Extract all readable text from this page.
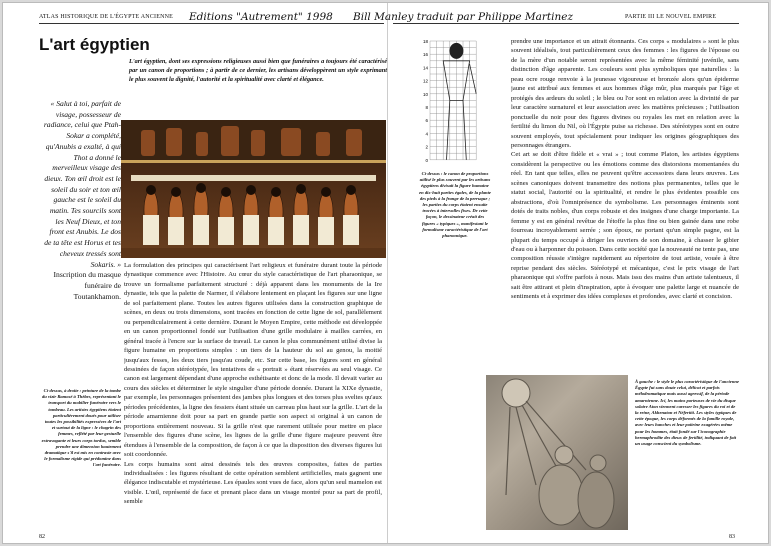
ATLAS HISTORIQUE DE L'ÉGYPTE ANCIENNE Editions "Autrement" 1998 Bill Manley traduit par Philippe Martinez	PARTIE III LE NOUVEL EMPIRE
L'art égyptien
L'art égyptien, dont ses expressions religieuses aussi bien que funéraires a toujours été caractérisé par un canon de proportions ; à partir de ce dernier, les artisans développèrent un style exprimant le plus souvent la dignité, l'autorité et la spiritualité avec clarté et élégance.
« Salut à toi, parfait de visage, possesseur de radiance, celui que Ptah-Sokar a complété, qu'Anubis a exalté, à qui Thot a donné le merveilleux visage des dieux. Ton œil droit est le soleil du soir et ton œil gauche est le soleil du matin. Tes sourcils sont les Neuf Dieux, et ton front est Anubis. Le dos de ta tête est Horus et tes cheveux tressés sont Sokaris. »
Inscription du masque funéraire de Toutankhamon.
Ci-dessus, à droite : peinture de la tombe du vizir Ramosé à Thèbes, représentant le transport du mobilier funéraire vers le tombeau. Les artistes égyptiens étaient particulièrement doués pour utiliser toutes les possibilités expressives de l'art et surtout de la ligne : le chagrin des femmes, reflété par leur gestuelle extravagante et leurs corps tordus, semble prendre une dimension hautement dramatique s'il est mis en contraste avec le formalisme rigide qui prédomine dans l'art funéraire.

La formulation des principes qui caractérisent l'art religieux et funéraire durant toute la période dynastique commence avec l'Histoire. Au cœur du style caractéristique de l'art pharaonique, se trouve un formalisme parfaitement structuré : déjà apparent dans les monuments de la Ire dynastie, tels que la palette de Narmer, il s'élabore lentement en plaçant les figures sur une ligne de sol parfaitement plane. Toutes les autres figures utilisées dans la construction graphique de scènes, en deux ou trois dimensions, sont tracées en fonction de cette ligne de sol, parallèlement ou perpendiculairement à cette dernière. Durant le Moyen Empire, cette méthode est développée en un canon proportionnel fondé sur l'utilisation d'une grille modulaire à mailles carrées, en général tracée à l'encre sur la surface de travail. Le canon le plus communément utilisé divise la figure humaine en proportions simples : un tiers de la hauteur du sol au genou, la moitié jusqu'aux fesses, les deux tiers jusqu'au coude, etc. Sur cette base, les figures sont en général dessinées de façon stéréotypée, les tentatives de « portrait » étant réservées au seul visage. Ce canon est largement dépendant d'une approche esthétisante et donc de la mode. Il devait varier au cours des siècles et déterminer le style singulier d'une période donnée. Durant la XIXe dynastie, par exemple, les personnages présentent des jambes plus longues et des torses plus sveltes qu'aux périodes précédentes, la ligne des fessiers étant située un carreau plus haut sur la grille. L'art de la période amarnienne doit pour sa part en grande partie son aspect si original à un canon de proportions entièrement nouveau. Si la grille n'est que rarement utilisée pour mettre en place l'ensemble des figures d'une scène, les lignes de la grille d'une figure majeure peuvent être étendues à l'ensemble de la composition, de façon à ce que la disposition des diverses figures lui soit coordonnée.

Les corps humains sont ainsi dessinés tels des œuvres composites, faites de parties individualisées : les figures résultant de cette opération semblent artificielles, mais gagnent une élégance indiscutable et mystérieuse. Les épaules sont vues de face, alors qu'un seul mamelon est visible. L'œil, représenté de face et prenant place dans un visage montré pour sa part de profil, semble

18
16
14
12
10
8
6
4
2
0
Ci-dessus : le canon de proportions utilisé le plus souvent par les artisans égyptiens divisait la figure humaine en dix-huit parties égales, de la plante des pieds à la frange de la perruque ; les parties du corps étaient ensuite tracées à intervalles fixes. De cette façon, le dessinateur créait des figures « typiques », manifestant le formalisme caractéristique de l'art pharaonique.

prendre une importance et un attrait étonnants. Ces corps « modulaires » sont le plus souvent idéalisés, tout particulièrement ceux des femmes : les figures de l'épouse ou de la mère d'un notable seront représentées avec la même féminité juvénile, sans distinction d'âge apparente. Les couleurs sont plus symboliques que naturelles : la peau ocre rouge renvoie à la jeunesse vigoureuse et bronzée alors qu'un épiderme jaune est attribué aux femmes et aux hommes d'âge mûr, plus marqués par l'âge et protégés des ardeurs du soleil ; le bleu ou l'or sont en relation avec la divinité de par leur caractère surnaturel et leur association avec les matières précieuses ; l'utilisation ponctuelle du noir pour des figures divines ou royales les met en relation avec la fertilité du limon du Nil, où l'Égypte puise sa richesse. Des stéréotypes sont en outre souvent employés, tout spécialement pour indiquer les origines géographiques des personnages étrangers.

Cet art se doit d'être fidèle et « vrai » ; tout comme Platon, les artistes égyptiens considèrent la perspective ou les émotions comme des distorsions momentanées du réel. En tant que telles, elles ne peuvent qu'être accessoires dans leurs œuvres. Les scènes canoniques doivent transmettre des notions plus permanentes, telles que le statut social, l'autorité ou la spiritualité, et rendre le plus évidentes possible ces abstractions, d'où l'omniprésence du symbolisme. Les personnages éminents sont dotés de traits nobles, d'un corps robuste et des insignes d'une charge importante. La femme y est en général revêtue de l'étoffe la plus fine ou bien gainée dans une robe fourreau incroyablement serrée ; son époux, ne portant qu'un simple pagne, est la plupart du temps occupé à diriger les ouvriers de son domaine, à chasser le gibier d'eau ou à harponner du poisson. Dans cette société que la nouveauté ne tente pas, une composition réussie s'intègre rapidement au répertoire de tout artiste, vouée à être reprise pendant des siècles. Stéréotypé et mécanique, c'est le prix visage de l'art pharaonique qui s'offre parfois à nous. Mais issu des mains d'un artiste talentueux, il sait être attirant et plein d'inspiration, apte à évoquer une palette large et nuancée de sentiments et à exprimer des idées complexes et profondes, avec clarté et concision.

À gauche : le style le plus caractéristique de l'ancienne Égypte fut sans doute celui, délicat et parfois mélodramatique mais aussi agressif, de la période amarnienne. Ici, les mains porteuses de vie du disque solaire Aton viennent caresser les figures du roi et de la reine, Akhenaton et Néfertiti. Les styles typiques de cette époque, les corps déformés de la famille royale, avec leurs hanches et leur poitrine exagérées même pour les hommes, était fondé sur l'iconographie hermaphrodite des dieux de fertilité, indiquant de fait un usage conscient du symbolisme.
82	83
